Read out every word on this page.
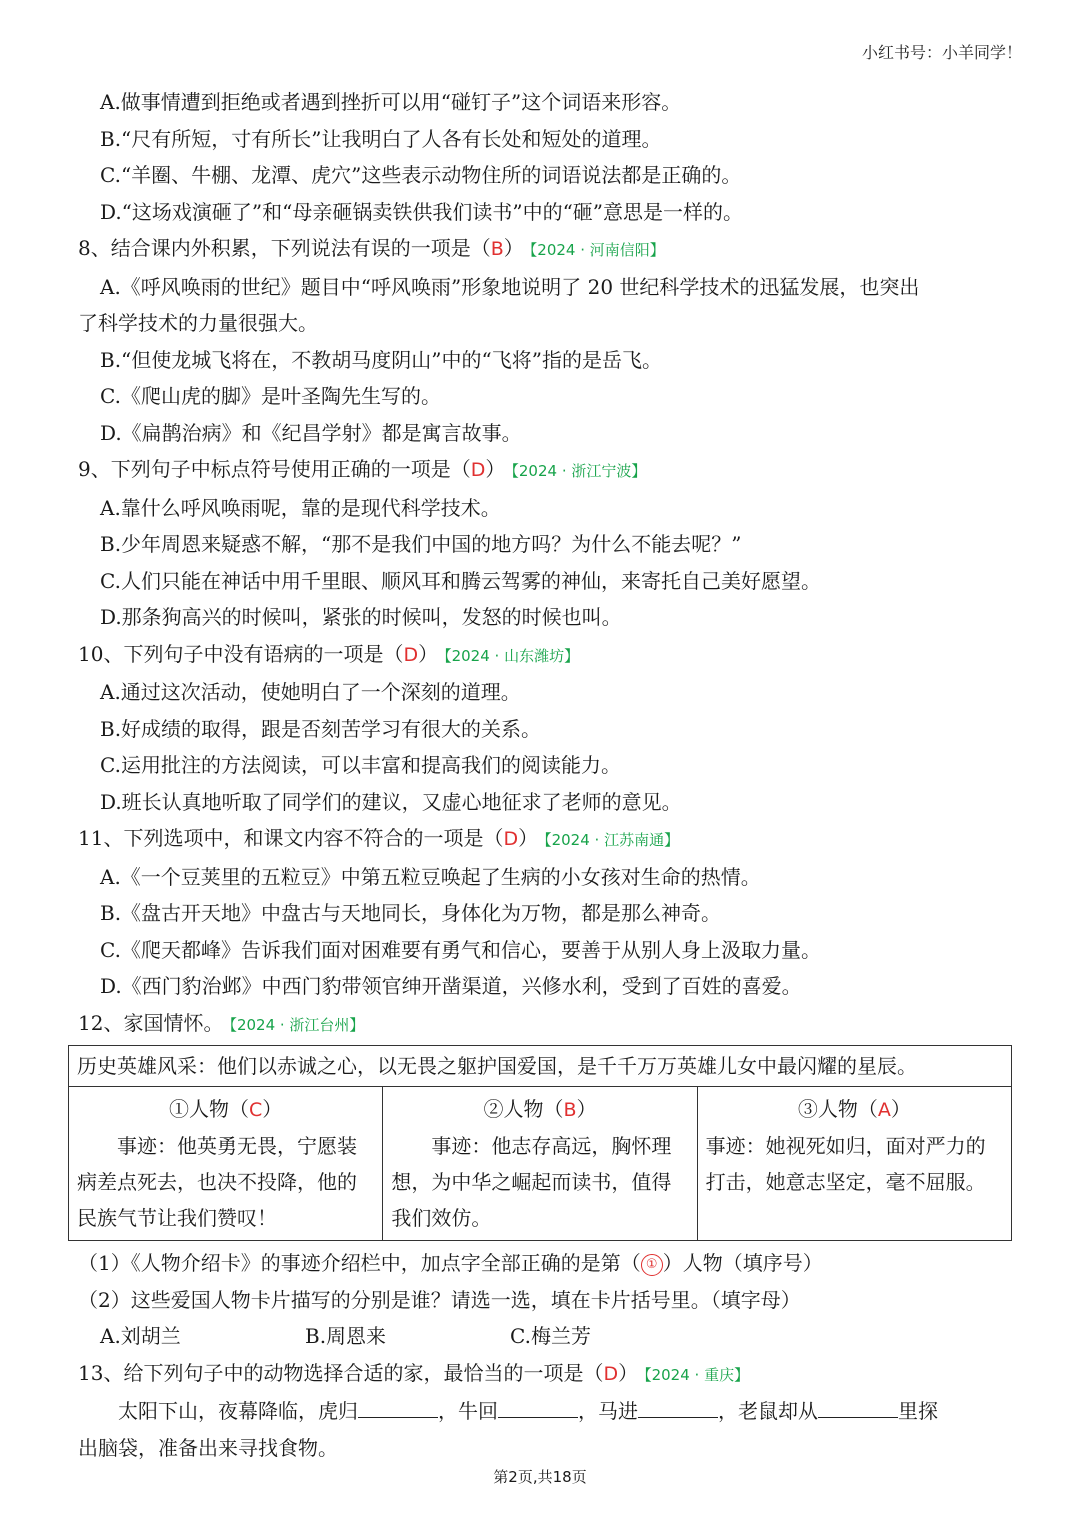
小红书号：小羊同学！
A.做事情遭到拒绝或者遇到挫折可以用“碰钉子”这个词语来形容。
B.“尺有所短，寸有所长”让我明白了人各有长处和短处的道理。
C.“羊圈、牛棚、龙潭、虎穴”这些表示动物住所的词语说法都是正确的。
D.“这场戏演砸了”和“母亲砸锅卖铁供我们读书”中的“砸”意思是一样的。
8、结合课内外积累，下列说法有误的一项是（B） 【2024 · 河南信阳】
A.《呼风唤雨的世纪》题目中“呼风唤雨”形象地说明了 20 世纪科学技术的迅猛发展，也突出
了科学技术的力量很强大。
B.“但使龙城飞将在，不教胡马度阴山”中的“飞将”指的是岳飞。
C.《爬山虎的脚》是叶圣陶先生写的。
D.《扁鹊治病》和《纪昌学射》都是寓言故事。
9、下列句子中标点符号使用正确的一项是（D） 【2024 · 浙江宁波】
A.靠什么呼风唤雨呢，靠的是现代科学技术。
B.少年周恩来疑惑不解，“那不是我们中国的地方吗？为什么不能去呢？”
C.人们只能在神话中用千里眼、顺风耳和腾云驾雾的神仙，来寄托自己美好愿望。
D.那条狗高兴的时候叫，紧张的时候叫，发怒的时候也叫。
10、下列句子中没有语病的一项是（D） 【2024 · 山东潍坊】
A.通过这次活动，使她明白了一个深刻的道理。
B.好成绩的取得，跟是否刻苦学习有很大的关系。
C.运用批注的方法阅读，可以丰富和提高我们的阅读能力。
D.班长认真地听取了同学们的建议，又虚心地征求了老师的意见。
11、下列选项中，和课文内容不符合的一项是（D） 【2024 · 江苏南通】
A.《一个豆荚里的五粒豆》中第五粒豆唤起了生病的小女孩对生命的热情。
B.《盘古开天地》中盘古与天地同长，身体化为万物，都是那么神奇。
C.《爬天都峰》告诉我们面对困难要有勇气和信心，要善于从别人身上汲取力量。
D.《西门豹治邺》中西门豹带领官绅开凿渠道，兴修水利，受到了百姓的喜爱。
12、家国情怀。 【2024 · 浙江台州】
历史英雄风采：他们以赤诚之心，以无畏之躯护国爱国，是千千万万英雄儿女中最闪耀的星辰。

①人物（C）
事迹：他英勇无畏，宁愿装病差点死去，也决不投降，他的民族气节让我们赞叹！

②人物（B）
事迹：他志存高远，胸怀理想，为中华之崛起而读书，值得我们效仿。

③人物（A）
事迹：她视死如归，面对严力的打击，她意志坚定，毫不屈服。
（1）《人物介绍卡》的事迹介绍栏中，加点字全部正确的是第（ ① ）人物（填序号）
（2）这些爱国人物卡片描写的分别是谁？请选一选，填在卡片括号里。（填字母）
A.刘胡兰	B.周恩来	C.梅兰芳
13、给下列句子中的动物选择合适的家，最恰当的一项是（D） 【2024 · 重庆】
太阳下山，夜幕降临，虎归	，牛回	，马进	，老鼠却从	里探
出脑袋，准备出来寻找食物。
第2页,共18页
